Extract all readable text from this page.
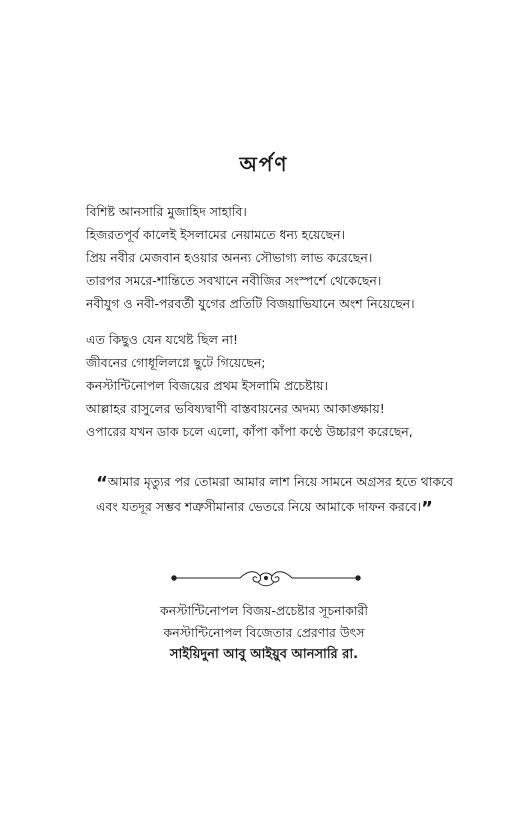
অর্পণ
বিশিষ্ট আনসারি মুজাহিদ সাহাবি।
হিজরতপূর্ব কালেই ইসলামের নেয়ামতে ধন্য হয়েছেন।
প্রিয় নবীর মেজবান হওয়ার অনন্য সৌভাগ্য লাভ করেছেন।
তারপর সমরে-শান্তিতে সবখানে নবীজির সংস্পর্শে থেকেছেন।
নবীযুগ ও নবী-পরবর্তী যুগের প্রতিটি বিজয়াভিযানে অংশ নিয়েছেন।
এত কিছুও যেন যথেষ্ট ছিল না!
জীবনের গোধূলিলগ্নে ছুটে গিয়েছেন;
কনস্টান্টিনোপল বিজয়ের প্রথম ইসলামি প্রচেষ্টায়।
আল্লাহর রাসুলের ভবিষ্যদ্বাণী বাস্তবায়নের অদম্য আকাঙ্ক্ষায়!
ওপারের যখন ডাক চলে এলো, কাঁপা কাঁপা কণ্ঠে উচ্চারণ করেছেন,
“আমার মৃত্যুর পর তোমরা আমার লাশ নিয়ে সামনে অগ্রসর হতে থাকবে এবং যতদূর সম্ভব শত্রুসীমানার ভেতরে নিয়ে আমাকে দাফন করবে।”
কনস্টান্টিনোপল বিজয়-প্রচেষ্টার সূচনাকারী
কনস্টান্টিনোপল বিজেতার প্রেরণার উৎস
সাইয়িদুনা আবু আইয়ুব আনসারি রা.
